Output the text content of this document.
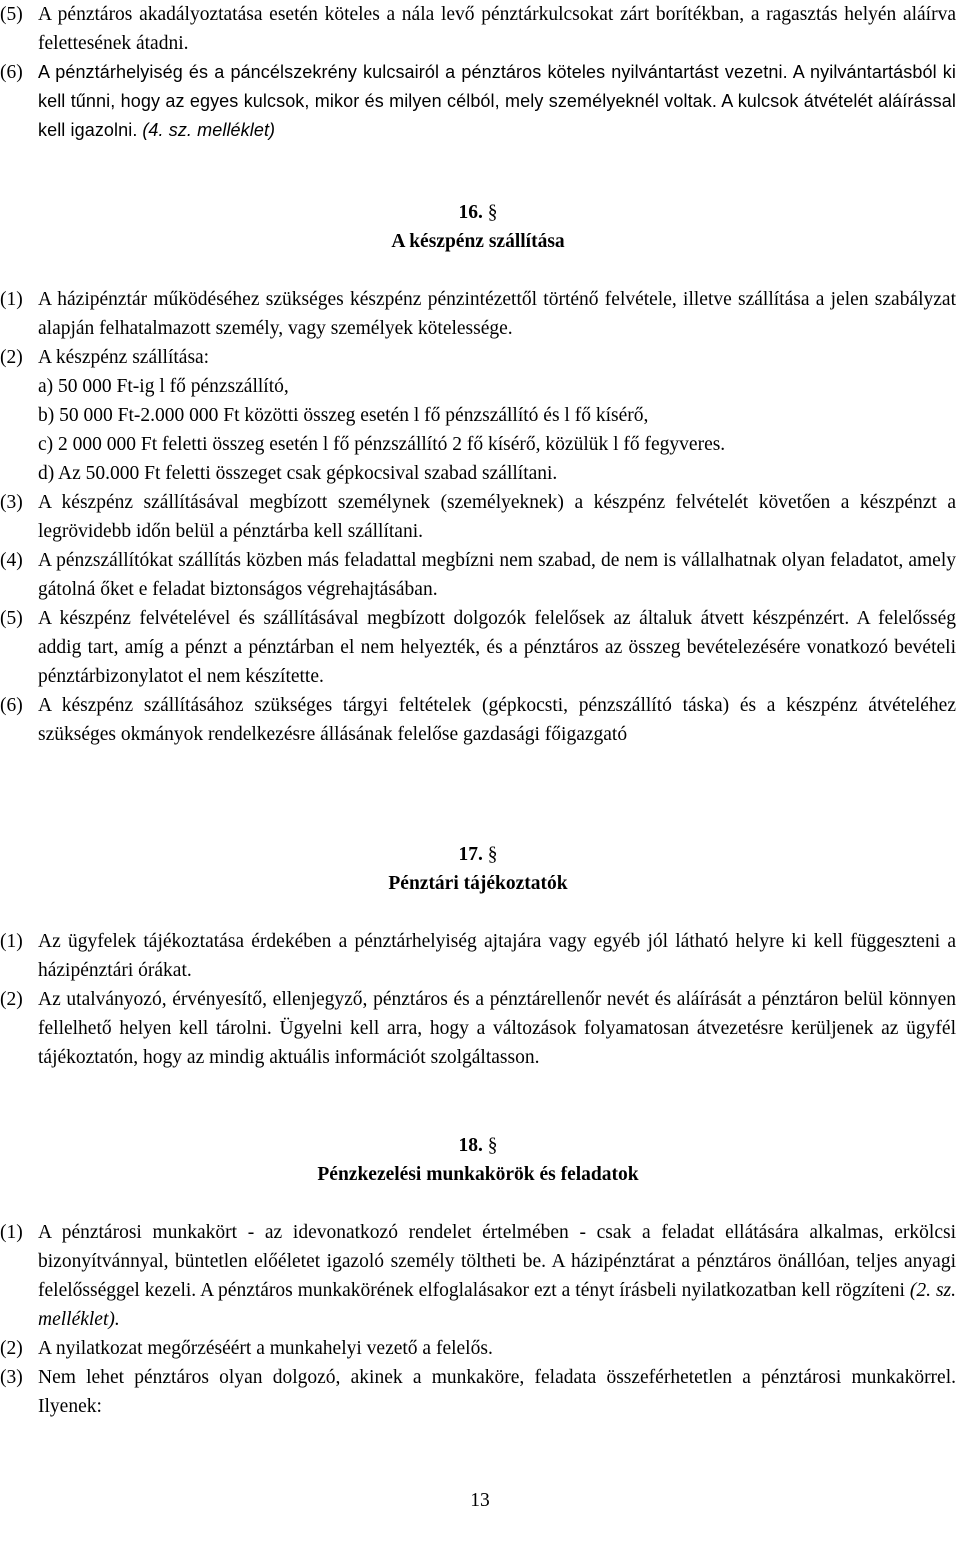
(5) A pénztáros akadályoztatása esetén köteles a nála levő pénztárkulcsokat zárt borítékban, a ragasztás helyén aláírva felettesének átadni.

(6) A pénztárhelyiség és a páncélszekrény kulcsairól a pénztáros köteles nyilvántartást vezetni. A nyilvántartásból ki kell tűnni, hogy az egyes kulcsok, mikor és milyen célból, mely személyeknél voltak. A kulcsok átvételét aláírással kell igazolni. (4. sz. melléklet)

16. §

A készpénz szállítása

(1) A házipénztár működéséhez szükséges készpénz pénzintézettől történő felvétele, illetve szállítása a jelen szabályzat alapján felhatalmazott személy, vagy személyek kötelessége.

(2) A készpénz szállítása:

a) 50 000 Ft-ig l fő pénzszállító,

b) 50 000 Ft-2.000 000 Ft közötti összeg esetén l fő pénzszállító és l fő kísérő,

c) 2 000 000 Ft feletti összeg esetén l fő pénzszállító 2 fő kísérő, közülük l fő fegyveres.

d) Az 50.000 Ft feletti összeget csak gépkocsival szabad szállítani.

(3) A készpénz szállításával megbízott személynek (személyeknek) a készpénz felvételét követően a készpénzt a legrövidebb időn belül a pénztárba kell szállítani.

(4) A pénzszállítókat szállítás közben más feladattal megbízni nem szabad, de nem is vállalhatnak olyan feladatot, amely gátolná őket e feladat biztonságos végrehajtásában.

(5) A készpénz felvételével és szállításával megbízott dolgozók felelősek az általuk átvett készpénzért. A felelősség addig tart, amíg a pénzt a pénztárban el nem helyezték, és a pénztáros az összeg bevételezésére vonatkozó bevételi pénztárbizonylatot el nem készítette.

(6) A készpénz szállításához szükséges tárgyi feltételek (gépkocsti, pénzszállító táska) és a készpénz átvételéhez szükséges okmányok rendelkezésre állásának felelőse gazdasági főigazgató

17. §

Pénztári tájékoztatók

(1) Az ügyfelek tájékoztatása érdekében a pénztárhelyiség ajtajára vagy egyéb jól látható helyre ki kell függeszteni a házipénztári órákat.

(2) Az utalványozó, érvényesítő, ellenjegyző, pénztáros és a pénztárellenőr nevét és aláírását a pénztáron belül könnyen fellelhető helyen kell tárolni. Ügyelni kell arra, hogy a változások folyamatosan átvezetésre kerüljenek az ügyfél tájékoztatón, hogy az mindig aktuális információt szolgáltasson.

18. §

Pénzkezelési munkakörök és feladatok

(1) A pénztárosi munkakört - az idevonatkozó rendelet értelmében - csak a feladat ellátására alkalmas, erkölcsi bizonyítvánnyal, büntetlen előéletet igazoló személy töltheti be. A házipénztárat a pénztáros önállóan, teljes anyagi felelősséggel kezeli. A pénztáros munkakörének elfoglalásakor ezt a tényt írásbeli nyilatkozatban kell rögzíteni (2. sz. melléklet).

(2) A nyilatkozat megőrzéséért a munkahelyi vezető a felelős.

(3) Nem lehet pénztáros olyan dolgozó, akinek a munkaköre, feladata összeférhetetlen a pénztárosi munkakörrel. Ilyenek:

13
